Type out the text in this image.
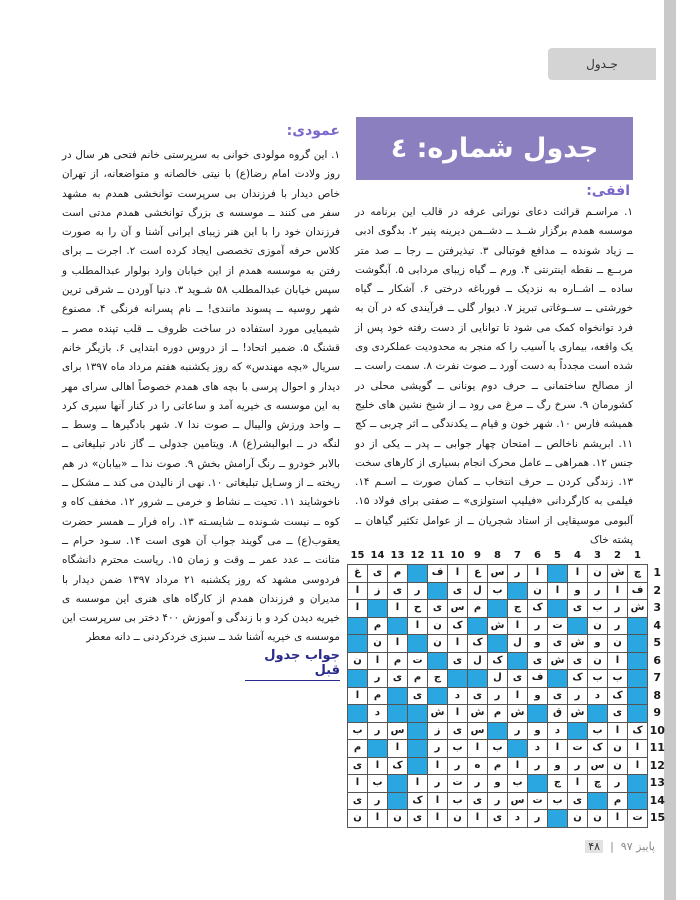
جـدول
جدول شماره: ٤
افقی:
۱. مراسـم قرائت دعای نورانی عرفه در قالب این برنامه در موسسه همدم برگزار شــد ــ دشــمن دیرینه پنیر ۲. بدگوی ادبی ــ زیاد شونده ــ مدافع فوتبالی ۳. تیذیرفتن ــ رجا ــ صد متر مربــع ــ نقطه اینترنتی ۴. ورم ــ گیاه زیبای مردابی ۵. آبگوشت ساده ــ اشــاره به نزدیک ــ قورباغه درختی ۶. آشکار ــ گیاه خورشتی ــ ســوغاتی تبریز ۷. دیوار گلی ــ فرآیندی که در آن به فرد توانخواه کمک می شود تا توانایی از دست رفته خود پس از یک واقعه، بیماری یا آسیب را که منجر به محدودیت عملکردی وی شده است مجدداً به دست آورد ــ صوت نفرت ۸. سمت راست ــ از مصالح ساختمانی ــ حرف دوم یونانی ــ گویشی محلی در کشورمان ۹. سرخ رگ ــ مرغ می رود ــ از شیخ نشین های خلیج همیشه فارس ۱۰. شهر خون و قیام ــ یکدندگی ــ اثر چربی ــ کج ۱۱. ابریشم ناخالص ــ امتحان چهار جوابی ــ پدر ــ یکی از دو جنس ۱۲. همراهی ــ عامل محرک انجام بسیاری از کارهای سخت ۱۳. زندگی کردن ــ حرف انتخاب ــ کمان صورت ــ اسـم ۱۴. فیلمی به کارگردانی «فیلیپ استولزی» ــ صفتی برای فولاد ۱۵. آلبومی موسیقایی از استاد شجریان ــ از عوامل تکثیر گیاهان ــ پشته خاک
عمودی:
۱. این گروه مولودی خوانی به سرپرستی خانم فتحی هر سال در روز ولادت امام رضا(ع) با نیتی خالصانه و متواضعانه، از تهران خاص دیدار با فرزندان بی سرپرست توانخشی همدم به مشهد سفر می کنند ــ موسسه ی بزرگ توانخشی همدم مدتی است فرزندان خود را با این هنر زیبای ایرانی آشنا و آن را به صورت کلاس حرفه آموزی تخصصی ایجاد کرده است ۲. اجرت ــ برای رفتن به موسسه همدم از این خیابان وارد بولوار عبدالمطلب و سپس خیابان عبدالمطلب ۵۸ شـوید ۳. دنیا آوردن ــ شرقی ترین شهر روسیه ــ پسوند مانندی! ــ نام پسرانه فرنگی ۴. مصنوع شیمیایی مورد استفاده در ساخت ظروف ــ قلب تپنده مصر ــ قشنگ ۵. ضمیر اتحاد! ــ از دروس دوره ابتدایی ۶. بازیگر خانم سریال «بچه مهندس» که روز یکشنبه هفتم مرداد ماه ۱۳۹۷ برای دیدار و احوال پرسی با بچه های همدم خصوصاً اهالی سرای مهر به این موسسه ی خیریه آمد و ساعاتی را در کنار آنها سپری کرد ــ واحد ورزش والیبال ــ صوت ندا ۷. شهر بادگیرها ــ وسط ــ لنگه در ــ ابوالبشر(ع) ۸. ویتامین جدولی ــ گاز نادر تبلیغاتی ــ بالابر خودرو ــ رنگ آرامش بخش ۹. صوت ندا ــ «بیابان» در هم ریخته ــ از وسـایل تبلیغاتی ۱۰. نهی از نالیدن می کند ــ مشکل ــ ناخوشایند ۱۱. تحیت ــ نشاط و خرمی ــ شرور ۱۲. مخفف کاه و کوه ــ نیست شـونده ــ شایسـته ۱۳. راه فرار ــ همسر حضرت یعقوب(ع) ــ می گویند جواب آن هوی است ۱۴. سـود حرام ــ متانت ــ عدد عمر ــ وقت و زمان ۱۵. ریاست محترم دانشگاه فردوسی مشهد که روز یکشنبه ۲۱ مرداد ۱۳۹۷ ضمن دیدار با مدیران و فرزندان همدم از کارگاه های هنری این موسسه ی خیریه دیدن کرد و با زندگی و آموزش ۴۰۰ دختر بی سرپرست این موسسه ی خیریه آشنا شد ــ سبزی خردکردنی ــ دانه معطر
جواب جدول قبل
15	14	13	12	11	10	9	8	7	6	5	4	3	2	1	
غ	ی	م		ف	ا	ع	س	ر	ا		ا	ن	ش	چ	1
ا	ز	ی	ر		ی	ل	ب		ن	ا	و	ر	ا	ف	2
ا		ا	ح	ی	س	م		ج	ک		ی	ب	ر	ش	3
	م		ا	ن	ک		ش	ا	ر	ت		ن	ر		4
	ن	ا		ن	ا	ک		ل	و	ی	ش	و	ن		5
ن	ا	م	ت		ی	ل	ک		ی	ش	ی	ن	ا		6
	ر	ی	م	ج			ل	ی	ف		ک	ب	ب		7
ا	م		ی		د	ی	ر	ا	و	ی	ر	د	ک		8
	د			ش	ا	ش	م	ش		ق	ش		ی		9
ب	ر	س		ز	ی	س		ر	و	د		ب	ا	ک	10
م		ا		ر	ب	ا	ب		د	ا	ت	ک	ن	ا	11
ی	ا	ک		ا	ر	ه	م	ا	ر	و	ر	س	ن	ا	12
ا	ب		ا	ر	ت	ر	و	ب		ج	ا	چ	ر		13
ی	ر		ک	ا	ب	ی	ر	س	ت	ب	ی		م		14
ن	ا	ن	ی	ا	ن	ا	ی	د	ر		ن	ن	ا	ت	15
پاییز ۹۷  |  ۴۸
